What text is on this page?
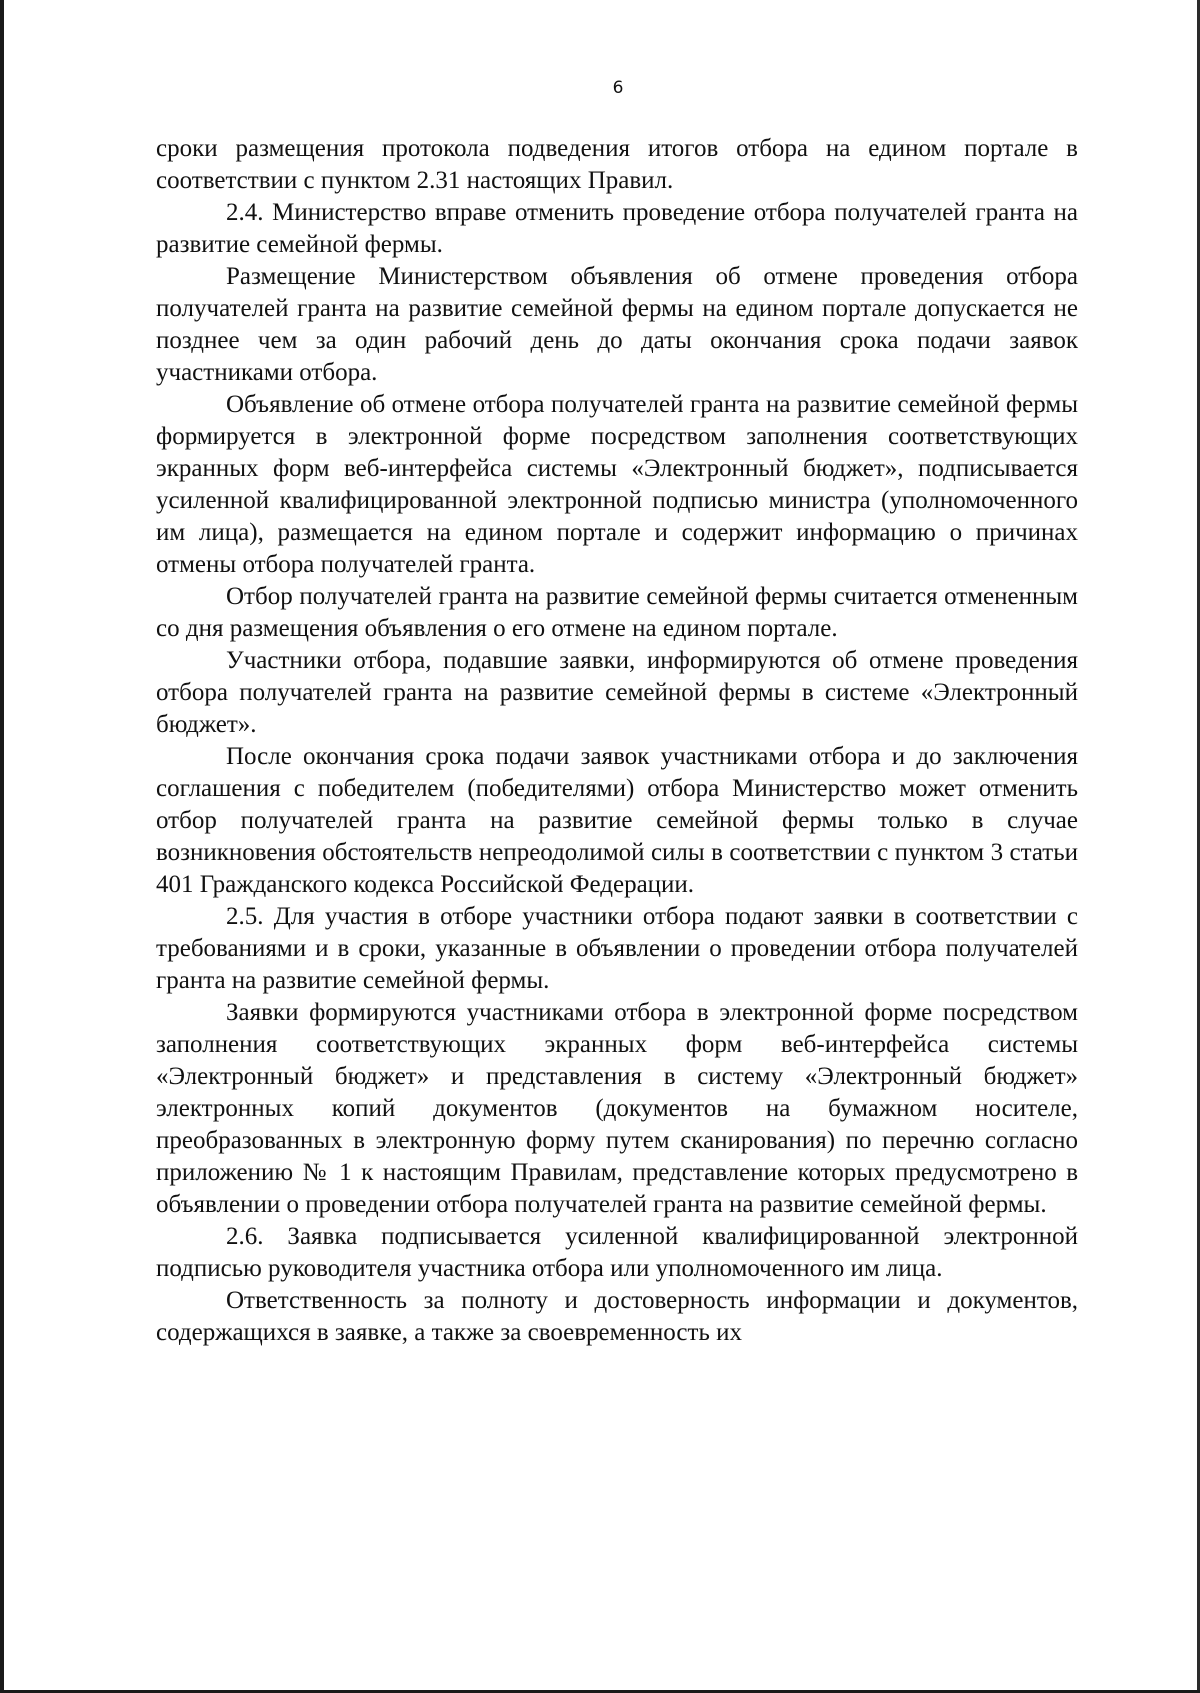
6

сроки размещения протокола подведения итогов отбора на едином портале в соответствии с пунктом 2.31 настоящих Правил.

2.4. Министерство вправе отменить проведение отбора получателей гранта на развитие семейной фермы.

Размещение Министерством объявления об отмене проведения отбора получателей гранта на развитие семейной фермы на едином портале допускается не позднее чем за один рабочий день до даты окончания срока подачи заявок участниками отбора.

Объявление об отмене отбора получателей гранта на развитие семейной фермы формируется в электронной форме посредством заполнения соответствующих экранных форм веб-интерфейса системы «Электронный бюджет», подписывается усиленной квалифицированной электронной подписью министра (уполномоченного им лица), размещается на едином портале и содержит информацию о причинах отмены отбора получателей гранта.

Отбор получателей гранта на развитие семейной фермы считается отмененным со дня размещения объявления о его отмене на едином портале.

Участники отбора, подавшие заявки, информируются об отмене проведения отбора получателей гранта на развитие семейной фермы в системе «Электронный бюджет».

После окончания срока подачи заявок участниками отбора и до заключения соглашения с победителем (победителями) отбора Министерство может отменить отбор получателей гранта на развитие семейной фермы только в случае возникновения обстоятельств непреодолимой силы в соответствии с пунктом 3 статьи 401 Гражданского кодекса Российской Федерации.

2.5. Для участия в отборе участники отбора подают заявки в соответствии с требованиями и в сроки, указанные в объявлении о проведении отбора получателей гранта на развитие семейной фермы.

Заявки формируются участниками отбора в электронной форме посредством заполнения соответствующих экранных форм веб-интерфейса системы «Электронный бюджет» и представления в систему «Электронный бюджет» электронных копий документов (документов на бумажном носителе, преобразованных в электронную форму путем сканирования) по перечню согласно приложению № 1 к настоящим Правилам, представление которых предусмотрено в объявлении о проведении отбора получателей гранта на развитие семейной фермы.

2.6. Заявка подписывается усиленной квалифицированной электронной подписью руководителя участника отбора или уполномоченного им лица.

Ответственность за полноту и достоверность информации и документов, содержащихся в заявке, а также за своевременность их
